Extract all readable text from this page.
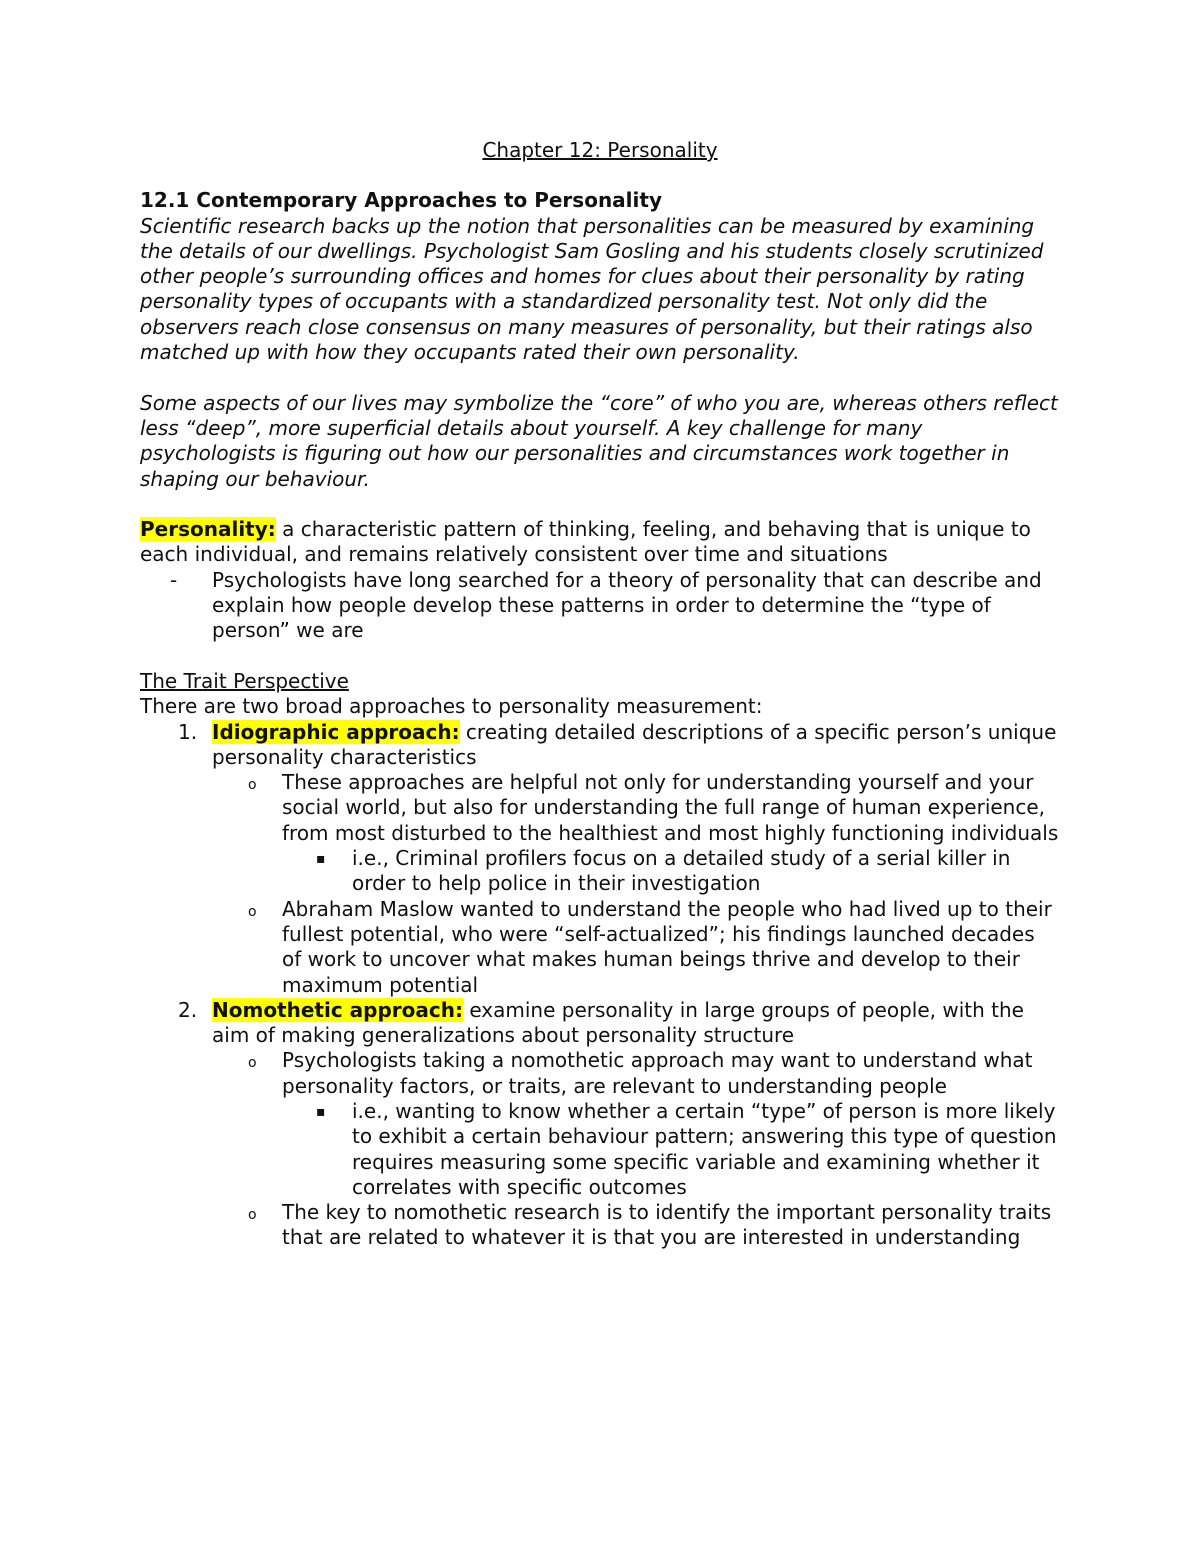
Chapter 12: Personality

12.1 Contemporary Approaches to Personality

Scientific research backs up the notion that personalities can be measured by examining the details of our dwellings. Psychologist Sam Gosling and his students closely scrutinized other people’s surrounding offices and homes for clues about their personality by rating personality types of occupants with a standardized personality test. Not only did the observers reach close consensus on many measures of personality, but their ratings also matched up with how they occupants rated their own personality.

Some aspects of our lives may symbolize the “core” of who you are, whereas others reflect less “deep”, more superficial details about yourself. A key challenge for many psychologists is figuring out how our personalities and circumstances work together in shaping our behaviour.

Personality: a characteristic pattern of thinking, feeling, and behaving that is unique to each individual, and remains relatively consistent over time and situations

-	Psychologists have long searched for a theory of personality that can describe and explain how people develop these patterns in order to determine the “type of person” we are

The Trait Perspective

There are two broad approaches to personality measurement:

1. Idiographic approach: creating detailed descriptions of a specific person’s unique personality characteristics
o	These approaches are helpful not only for understanding yourself and your social world, but also for understanding the full range of human experience, from most disturbed to the healthiest and most highly functioning individuals
▪	i.e., Criminal profilers focus on a detailed study of a serial killer in order to help police in their investigation
o	Abraham Maslow wanted to understand the people who had lived up to their fullest potential, who were “self-actualized”; his findings launched decades of work to uncover what makes human beings thrive and develop to their maximum potential
2. Nomothetic approach: examine personality in large groups of people, with the aim of making generalizations about personality structure
o	Psychologists taking a nomothetic approach may want to understand what personality factors, or traits, are relevant to understanding people
▪	i.e., wanting to know whether a certain “type” of person is more likely to exhibit a certain behaviour pattern; answering this type of question requires measuring some specific variable and examining whether it correlates with specific outcomes
o	The key to nomothetic research is to identify the important personality traits that are related to whatever it is that you are interested in understanding
